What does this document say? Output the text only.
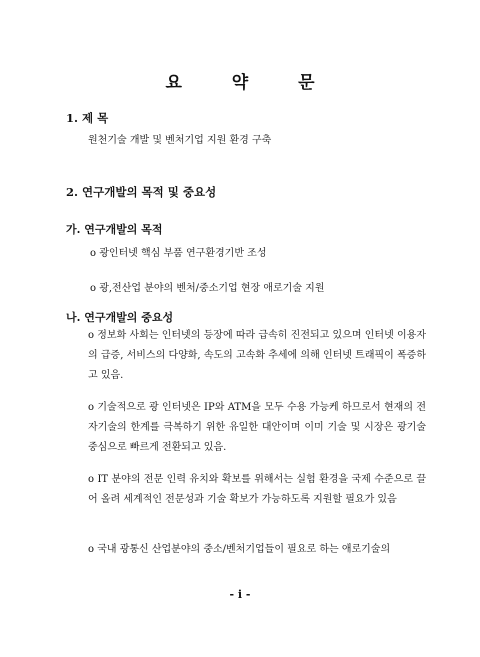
요 약 문
1. 제 목
원천기술 개발 및 벤처기업 지원 환경 구축
2. 연구개발의 목적 및 중요성
가. 연구개발의 목적
o 광인터넷 핵심 부품 연구환경기반 조성
o 광,전산업 분야의 벤처/중소기업 현장 애로기술 지원
나. 연구개발의 중요성
o 정보화 사회는 인터넷의 등장에 따라 급속히 진전되고 있으며 인터넷 이용자의 급증, 서비스의 다양화, 속도의 고속화 추세에 의해 인터넷 트래픽이 폭증하고 있음.
o 기술적으로 광 인터넷은 IP와 ATM을 모두 수용 가능케 하므로서 현재의 전자기술의 한계를 극복하기 위한 유일한 대안이며 이미 기술 및 시장은 광기술 중심으로 빠르게 전환되고 있음.
o IT 분야의 전문 인력 유치와 확보를 위해서는 실험 환경을 국제 수준으로 끌어 올려 세계적인 전문성과 기술 확보가 가능하도록 지원할 필요가 있음
o 국내 광통신 산업분야의 중소/벤처기업들이 필요로 하는 애로기술의
- i -
